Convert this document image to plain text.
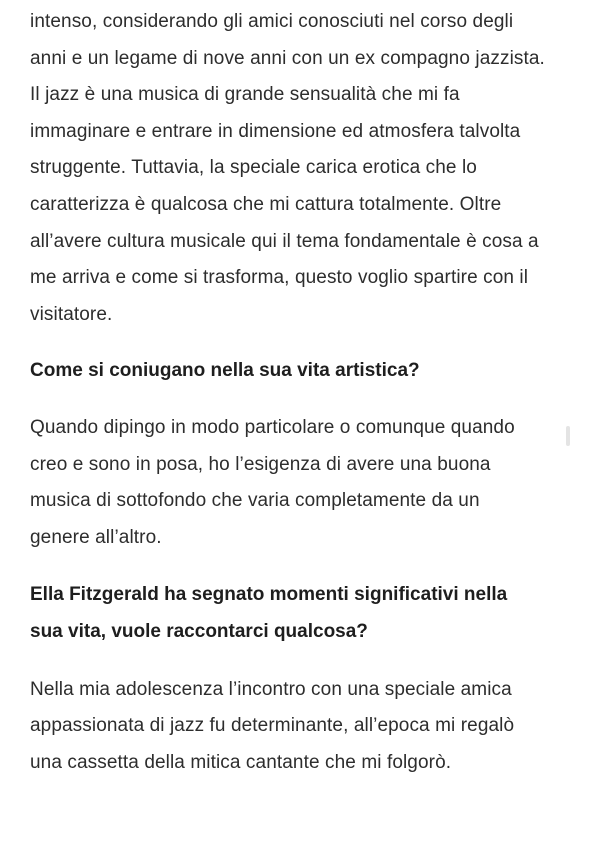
intenso, considerando gli amici conosciuti nel corso degli
anni e un legame di nove anni con un ex compagno jazzista.
Il jazz è una musica di grande sensualità che mi fa
immaginare e entrare in dimensione ed atmosfera talvolta
struggente. Tuttavia, la speciale carica erotica che lo
caratterizza è qualcosa che mi cattura totalmente. Oltre
all’avere cultura musicale qui il tema fondamentale è cosa a
me arriva e come si trasforma, questo voglio spartire con il
visitatore.

Come si coniugano nella sua vita artistica?

Quando dipingo in modo particolare o comunque quando
creo e sono in posa, ho l’esigenza di avere una buona
musica di sottofondo che varia completamente da un
genere all’altro.

Ella Fitzgerald ha segnato momenti significativi nella
sua vita, vuole raccontarci qualcosa?

Nella mia adolescenza l’incontro con una speciale amica
appassionata di jazz fu determinante, all’epoca mi regalò
una cassetta della mitica cantante che mi folgorò.
